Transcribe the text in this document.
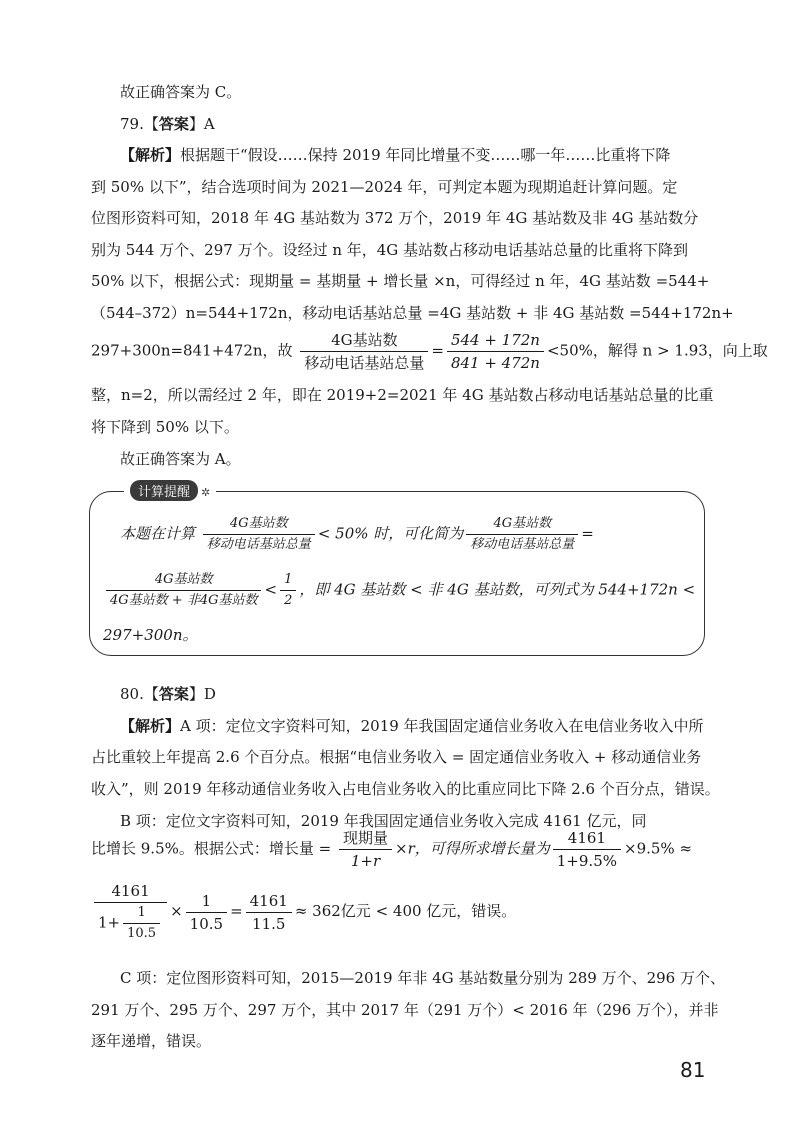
故正确答案为 C。
79.【答案】A
【解析】根据题干“假设……保持 2019 年同比增量不变……哪一年……比重将下降
到 50% 以下”，结合选项时间为 2021—2024 年，可判定本题为现期追赶计算问题。定
位图形资料可知，2018 年 4G 基站数为 372 万个，2019 年 4G 基站数及非 4G 基站数分
别为 544 万个、297 万个。设经过 n 年，4G 基站数占移动电话基站总量的比重将下降到
50% 以下，根据公式：现期量 = 基期量 + 增长量 ×n，可得经过 n 年，4G 基站数 =544+
（544–372）n=544+172n，移动电话基站总量 =4G 基站数 + 非 4G 基站数 =544+172n+
297+300n=841+472n，故 $\frac{\text{4G基站数}}{\text{移动电话基站总量}} = \frac{544 + 172n}{841 + 472n} <50\%$，解得 n > 1.93，向上取
整，n=2，所以需经过 2 年，即在 2019+2=2021 年 4G 基站数占移动电话基站总量的比重
将下降到 50% 以下。
故正确答案为 A。
计算提醒 ✲
本题在计算 $\frac{\text{4G基站数}}{\text{移动电话基站总量}} < 50\%$ 时，可化简为 $\frac{\text{4G基站数}}{\text{移动电话基站总量}}$ =
$\frac{\text{4G基站数}}{\text{4G基站数 + 非4G基站数}} < \frac{1}{2}$ ，即 4G 基站数 < 非 4G 基站数，可列式为 544+172n <
297+300n。
80.【答案】D
【解析】A 项：定位文字资料可知，2019 年我国固定通信业务收入在电信业务收入中所
占比重较上年提高 2.6 个百分点。根据“电信业务收入 = 固定通信业务收入 + 移动通信业务
收入”，则 2019 年移动通信业务收入占电信业务收入的比重应同比下降 2.6 个百分点，错误。
B 项：定位文字资料可知，2019 年我国固定通信业务收入完成 4161 亿元，同
比增长 9.5%。根据公式：增长量 = $\frac{\text{现期量}}{1+r} \times r$，可得所求增长量为 $\frac{4161}{1+9.5\%} \times 9.5\%$ ≈
$\frac{4161}{1+ \frac{1}{10.5}} \times \frac{1}{10.5} = \frac{4161}{11.5} \approx 362$亿元 < 400 亿元，错误。
C 项：定位图形资料可知，2015—2019 年非 4G 基站数量分别为 289 万个、296 万个、
291 万个、295 万个、297 万个，其中 2017 年（291 万个）< 2016 年（296 万个），并非
逐年递增，错误。
81
